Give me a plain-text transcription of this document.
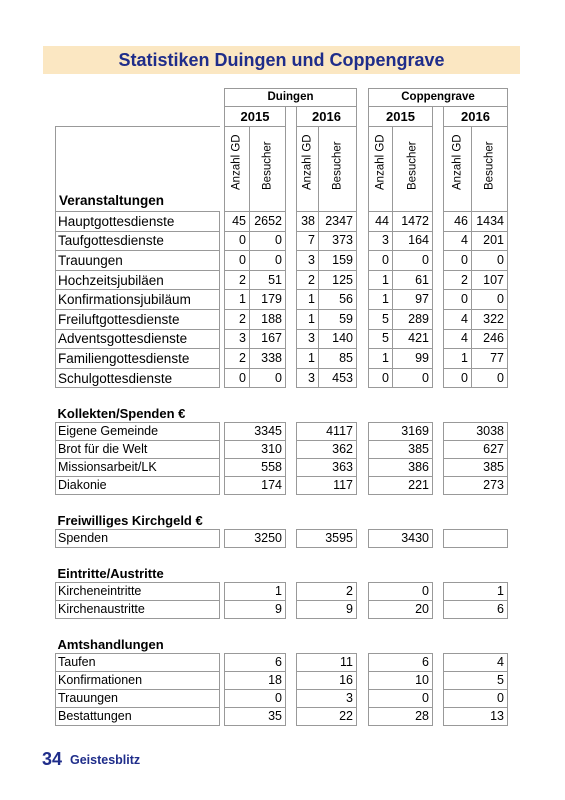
Statistiken Duingen und Coppengrave
		Duingen						Coppengrave				
		2015			2016			2015			2016	

Veranstaltungen		Anzahl GD	Besucher		Anzahl GD	Besucher		Anzahl GD	Besucher		Anzahl GD	Besucher

Hauptgottesdienste		45	2652		38	2347		44	1472		46	1434
Taufgottesdienste		0	0		7	373		3	164		4	201
Trauungen		0	0		3	159		0	0		0	0
Hochzeitsjubiläen		2	51		2	125		1	61		2	107
Konfirmationsjubiläum		1	179		1	56		1	97		0	0
Freiluftgottesdienste		2	188		1	59		5	289		4	322
Adventsgottesdienste		3	167		3	140		5	421		4	246
Familiengottesdienste		2	338		1	85		1	99		1	77
Schulgottesdienste		0	0		3	453		0	0		0	0

Kollekten/Spenden €												
Eigene Gemeinde		3345			4117			3169			3038	
Brot für die Welt		310			362			385			627	
Missionsarbeit/LK		558			363			386			385	
Diakonie		174			117			221			273	

Freiwilliges Kirchgeld €												
Spenden		3250			3595			3430				

Eintritte/Austritte												
Kircheneintritte		1			2			0			1	
Kirchenaustritte		9			9			20			6	

Amtshandlungen												
Taufen		6			11			6			4	
Konfirmationen		18			16			10			5	
Trauungen		0			3			0			0	
Bestattungen		35			22			28			13	
34 Geistesblitz
